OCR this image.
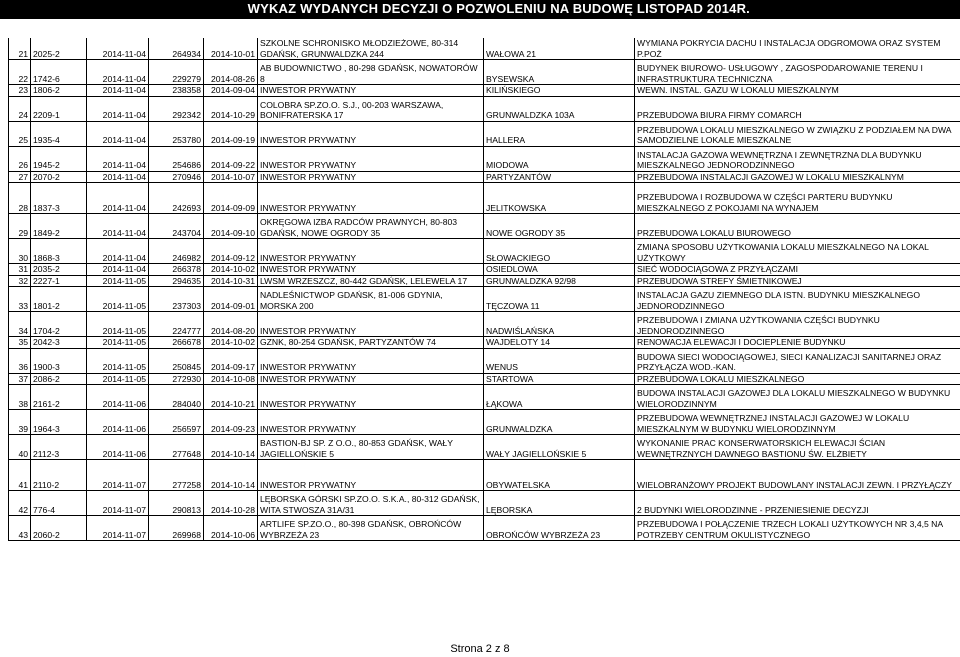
WYKAZ WYDANYCH DECYZJI O POZWOLENIU NA BUDOWĘ LISTOPAD 2014R.
21	2025-2	2014-11-04	264934	2014-10-01	SZKOLNE SCHRONISKO MŁODZIEŻOWE, 80-314 GDAŃSK, GRUNWALDZKA 244	WAŁOWA 21	WYMIANA POKRYCIA DACHU I INSTALACJA ODGROMOWA ORAZ SYSTEM P.POŻ
22	1742-6	2014-11-04	229279	2014-08-26	AB BUDOWNICTWO , 80-298 GDAŃSK, NOWATORÓW 8	BYSEWSKA	BUDYNEK BIUROWO- USŁUGOWY , ZAGOSPODAROWANIE TERENU I INFRASTRUKTURA TECHNICZNA
23	1806-2	2014-11-04	238358	2014-09-04	INWESTOR PRYWATNY	KILIŃSKIEGO	WEWN. INSTAL. GAZU W LOKALU MIESZKALNYM
24	2209-1	2014-11-04	292342	2014-10-29	COLOBRA SP.ZO.O. S.J., 00-203 WARSZAWA, BONIFRATERSKA 17	GRUNWALDZKA 103A	PRZEBUDOWA BIURA FIRMY COMARCH
25	1935-4	2014-11-04	253780	2014-09-19	INWESTOR PRYWATNY	HALLERA	PRZEBUDOWA LOKALU MIESZKALNEGO W ZWIĄZKU Z PODZIAŁEM NA DWA SAMODZIELNE LOKALE MIESZKALNE
26	1945-2	2014-11-04	254686	2014-09-22	INWESTOR PRYWATNY	MIODOWA	INSTALACJA GAZOWA WEWNĘTRZNA I ZEWNĘTRZNA DLA BUDYNKU MIESZKALNEGO JEDNORODZINNEGO
27	2070-2	2014-11-04	270946	2014-10-07	INWESTOR PRYWATNY	PARTYZANTÓW	PRZEBUDOWA INSTALACJI GAZOWEJ W LOKALU MIESZKALNYM
28	1837-3	2014-11-04	242693	2014-09-09	INWESTOR PRYWATNY	JELITKOWSKA	PRZEBUDOWA I ROZBUDOWA W CZĘŚCI PARTERU BUDYNKU MIESZKALNEGO Z POKOJAMI NA WYNAJEM
29	1849-2	2014-11-04	243704	2014-09-10	OKRĘGOWA IZBA RADCÓW PRAWNYCH, 80-803 GDAŃSK, NOWE OGRODY 35	NOWE OGRODY 35	PRZEBUDOWA LOKALU BIUROWEGO
30	1868-3	2014-11-04	246982	2014-09-12	INWESTOR PRYWATNY	SŁOWACKIEGO	ZMIANA SPOSOBU UŻYTKOWANIA LOKALU MIESZKALNEGO NA LOKAL UŻYTKOWY
31	2035-2	2014-11-04	266378	2014-10-02	INWESTOR PRYWATNY	OSIEDLOWA	SIEĆ WODOCIĄGOWA Z PRZYŁĄCZAMI
32	2227-1	2014-11-05	294635	2014-10-31	LWSM WRZESZCZ, 80-442 GDAŃSK, LELEWELA 17	GRUNWALDZKA 92/98	PRZEBUDOWA STREFY ŚMIETNIKOWEJ
33	1801-2	2014-11-05	237303	2014-09-01	NADLEŚNICTWOP GDAŃSK, 81-006 GDYNIA, MORSKA 200	TĘCZOWA 11	INSTALACJA GAZU ZIEMNEGO DLA ISTN. BUDYNKU MIESZKALNEGO JEDNORODZINNEGO
34	1704-2	2014-11-05	224777	2014-08-20	INWESTOR PRYWATNY	NADWIŚLAŃSKA	PRZEBUDOWA I ZMIANA UŻYTKOWANIA CZĘŚCI BUDYNKU JEDNORODZINNEGO
35	2042-3	2014-11-05	266678	2014-10-02	GZNK, 80-254 GDAŃSK, PARTYZANTÓW 74	WAJDELOTY 14	RENOWACJA ELEWACJI I DOCIEPLENIE BUDYNKU
36	1900-3	2014-11-05	250845	2014-09-17	INWESTOR PRYWATNY	WENUS	BUDOWA SIECI WODOCIĄGOWEJ, SIECI KANALIZACJI SANITARNEJ ORAZ PRZYŁĄCZA WOD.-KAN.
37	2086-2	2014-11-05	272930	2014-10-08	INWESTOR PRYWATNY	STARTOWA	PRZEBUDOWA LOKALU MIESZKALNEGO
38	2161-2	2014-11-06	284040	2014-10-21	INWESTOR PRYWATNY	ŁĄKOWA	BUDOWA INSTALACJI GAZOWEJ DLA LOKALU MIESZKALNEGO W BUDYNKU WIELORODZINNYM
39	1964-3	2014-11-06	256597	2014-09-23	INWESTOR PRYWATNY	GRUNWALDZKA	PRZEBUDOWA WEWNĘTRZNEJ INSTALACJI GAZOWEJ W LOKALU MIESZKALNYM W BUDYNKU WIELORODZINNYM
40	2112-3	2014-11-06	277648	2014-10-14	BASTION-BJ SP. Z O.O., 80-853 GDAŃSK, WAŁY JAGIELLOŃSKIE 5	WAŁY JAGIELLOŃSKIE 5	WYKONANIE PRAC KONSERWATORSKICH ELEWACJI ŚCIAN WEWNĘTRZNYCH DAWNEGO BASTIONU ŚW. ELŻBIETY
41	2110-2	2014-11-07	277258	2014-10-14	INWESTOR PRYWATNY	OBYWATELSKA	WIELOBRANŻOWY PROJEKT BUDOWLANY INSTALACJI ZEWN. I PRZYŁĄCZY
42	776-4	2014-11-07	290813	2014-10-28	LĘBORSKA GÓRSKI SP.ZO.O. S.K.A., 80-312 GDAŃSK, WITA STWOSZA 31A/31	LĘBORSKA	2 BUDYNKI WIELORODZINNE - PRZENIESIENIE DECYZJI
43	2060-2	2014-11-07	269968	2014-10-06	ARTLIFE SP.ZO.O., 80-398 GDAŃSK, OBROŃCÓW WYBRZEŻA 23	OBROŃCÓW WYBRZEŻA 23	PRZEBUDOWA I POŁĄCZENIE TRZECH LOKALI UŻYTKOWYCH NR 3,4,5 NA POTRZEBY CENTRUM OKULISTYCZNEGO
Strona 2 z 8
